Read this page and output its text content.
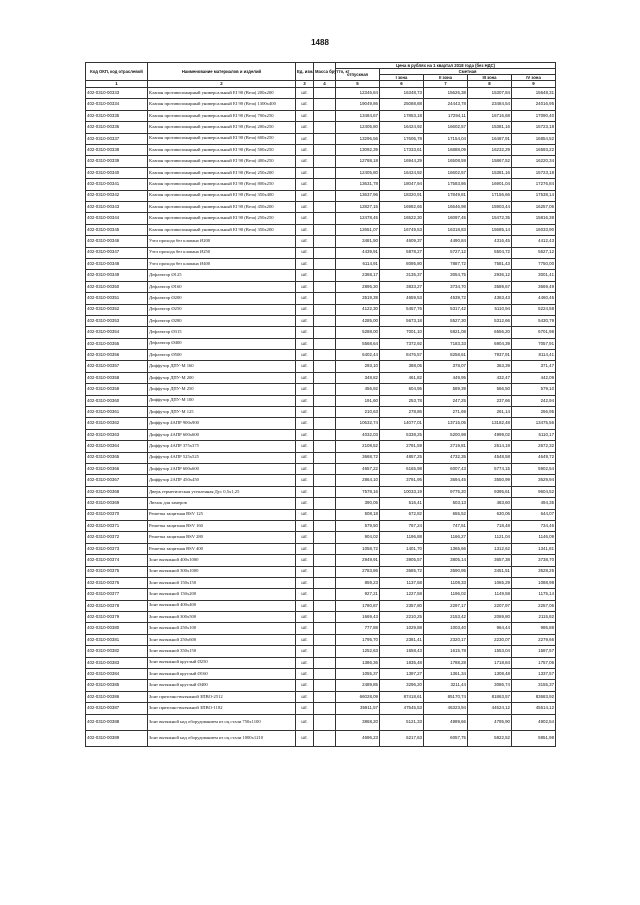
1488
Код ОКП, код отраслевой	Наименование материалов и изделий	Ед. изм.	Масса брутто, кг	Цена в рублях на 1 квартал 2018 года (без НДС)				
				отпускная	Сметная			
					I зона	II зона	III зона	IV зона
1	2	3	4	5	6	7	8	9
402-0310-00333	Клапан противопожарный универсальный EI 90 (Веза) 200х200	шт.		12346,84	16348,73	15626,38	15307,84	15648,31
402-0310-00334	Клапан противопожарный универсальный EI 90 (Веза) 1300х400	шт.		19049,86	25088,88	24443,78	23484,54	24016,95
402-0310-00335	Клапан противопожарный универсальный EI 90 (Веза) 700х250	шт.		13484,67	17853,18	17294,11	16716,68	17090,40
402-0310-00336	Клапан противопожарный универсальный EI 90 (Веза) 200х250	шт.		12405,80	16424,92	16602,57	15381,16	15723,18
402-0310-00337	Клапан противопожарный универсальный EI 90 (Веза) 600х250	шт.		13296,56	17606,78	17154,04	16487,91	16854,52
402-0310-00338	Клапан противопожарный универсальный EI 90 (Веза) 500х250	шт.		13092,39	17333,61	16888,09	16232,29	16593,22
402-0310-00339	Клапан противопожарный универсальный EI 90 (Веза) 400х250	шт.		12788,18	16944,29	16508,59	15867,52	16220,34
402-0310-00340	Клапан противопожарный универсальный EI 90 (Веза) 250х200	шт.		12405,80	16424,92	16602,57	15381,16	15723,18
402-0310-00341	Клапан противопожарный универсальный EI 90 (Веза) 800х250	шт.		13631,78	18047,94	17583,86	16901,04	17276,84
402-0310-00342	Клапан противопожарный универсальный EI 90 (Веза) 350х400	шт.		13637,96	18320,91	17849,81	17156,66	17538,14
402-0310-00343	Клапан противопожарный универсальный EI 90 (Веза) 450х200	шт.		12827,15	16982,65	16546,98	15903,44	16257,06
402-0310-00344	Клапан противопожарный универсальный EI 90 (Веза) 250х250	шт.		12478,45	16522,30	16097,45	15472,35	15816,38
402-0310-00345	Клапан противопожарный универсальный EI 90 (Веза) 350х200	шт.		12651,07	16749,53	16318,83	15685,14	16033,90
402-0310-00346	Узел прохода без клапана Ø200	шт.		3481,50	4609,37	4490,84	4316,45	4412,43
402-0310-00347	Узел прохода без клапана Ø250	шт.		4439,91	5878,27	5727,12	5504,72	5627,12
402-0310-00348	Узел прохода без клапана Ø400	шт.		6114,91	8095,80	7887,72	7581,43	7750,00
402-0310-00349	Дефлектор Ø125	шт.		2368,17	3135,37	3054,75	2936,12	3001,41
402-0310-00350	Дефлектор Ø160	шт.		2895,30	3833,27	3734,70	3589,67	3669,49
402-0310-00351	Дефлектор Ø200	шт.		3519,39	4659,53	4539,72	4363,43	4460,45
402-0310-00352	Дефлектор Ø250	шт.		4122,30	5457,76	5317,42	5110,94	5224,58
402-0310-00353	Дефлектор Ø280	шт.		4285,00	5673,18	5527,30	5312,66	5430,79
402-0310-00354	Дефлектор Ø315	шт.		5288,00	7001,10	6821,08	6556,20	6701,98
402-0310-00355	Дефлектор Ø400	шт.		5568,64	7372,92	7183,33	6904,39	7057,91
402-0310-00356	Дефлектор Ø500	шт.		6402,44	8476,57	8258,61	7937,91	8114,41
402-0310-00357	Диффузор ДПУ-М 160	шт.		293,10	388,05	378,07	363,39	371,47
402-0310-00358	Диффузор ДПУ-М 200	шт.		348,82	461,82	449,95	432,47	442,09
402-0310-00359	Диффузор ДПУ-М 250	шт.		456,92	604,95	589,39	566,50	579,10
402-0310-00360	Диффузор ДПУ-М 100	шт.		191,60	253,78	247,25	237,66	242,94
402-0310-00361	Диффузор ДПУ-М 125	шт.		210,63	278,86	271,69	261,14	266,95
402-0310-00362	Диффузор 4АПР 900х900	шт.		10632,74	14077,01	13715,05	13182,48	13475,56
402-0310-00363	Диффузор 4АПР 600х600	шт.		4032,03	5338,25	5200,98	4999,02	5110,17
402-0310-00364	Диффузор 4АПР 375х375	шт.		2108,52	2791,59	2719,81	2614,19	2672,32
402-0310-00365	Диффузор 4АПР 525х525	шт.		3668,72	4857,25	4732,35	4548,58	4649,72
402-0310-00366	Диффузор 2АПР 600х600	шт.		4657,22	6165,98	6007,43	5774,15	5902,54
402-0310-00367	Диффузор 2АПР 450х450	шт.		2864,10	3791,95	3694,45	3550,99	3629,94
402-0310-00368	Дверь герметическая утепленная Дус 0,5х1,25	шт.		7578,16	10033,19	9775,20	9395,61	9604,52
402-0310-00369	Лючок для замеров	шт.		390,05	516,41	503,13	483,60	494,35
402-0310-00370	Решетка защитная BSV 125	шт.		508,18	672,82	655,52	630,06	644,07
402-0310-00371	Решетка защитная BSV 160	шт.		579,50	767,24	747,51	718,48	734,46
402-0310-00372	Решетка защитная BSV 280	шт.		904,02	1196,88	1166,27	1121,04	1146,09
402-0310-00373	Решетка защитная BSV 400	шт.		1058,72	1401,70	1365,66	1312,62	1341,81
402-0310-00374	Зонт вытяжной 400х1000	шт.		2949,91	3905,57	3805,14	3657,38	3738,70
402-0310-00375	Зонт вытяжной 300х1000	шт.		2783,86	3685,72	3590,95	3451,51	3528,25
402-0310-00376	Зонт вытяжной 150х150	шт.		859,23	1137,58	1108,33	1065,29	1088,98
402-0310-00377	Зонт вытяжной 150х200	шт.		927,21	1227,58	1196,02	1149,58	1175,14
402-0310-00378	Зонт вытяжной 400х400	шт.		1780,87	2357,80	2297,17	2207,97	2257,06
402-0310-00379	Зонт вытяжной 300х500	шт.		1669,43	2210,25	2153,42	2069,80	2115,82
402-0310-00380	Зонт вытяжной 250х100	шт.		777,88	1029,88	1003,40	964,44	985,88
402-0310-00381	Зонт вытяжной 250х600	шт.		1795,70	2381,41	2320,17	2230,07	2279,66
402-0310-00382	Зонт вытяжной 350х150	шт.		1252,63	1658,43	1615,78	1553,04	1587,57
402-0310-00383	Зонт вытяжной круглый Ø250	шт.		1386,36	1835,48	1788,28	1718,84	1757,06
402-0310-00384	Зонт вытяжной круглый Ø160	шт.		1055,37	1397,27	1361,34	1308,48	1337,57
402-0310-00385	Зонт вытяжной круглый Ø400	шт.		2489,85	3296,20	3211,44	3086,74	3155,37
402-0310-00386	Зонт приточно-вытяжной ЗПВО-2512	шт.		66028,09	87418,61	85170,74	81863,57	83683,92
402-0310-00387	Зонт приточно-вытяжной ЗПВО-1182	шт.		35911,57	47545,53	46323,94	44524,12	45514,12
402-0310-00388	Зонт вытяжной над оборудованием из оц.стали 750х1100	шт.		3868,20	5121,33	4989,66	4795,90	4902,54
402-0310-00389	Зонт вытяжной над оборудованием из оц.стали 1000х1210	шт.		4696,23	6217,63	6057,75	5822,52	5951,98
